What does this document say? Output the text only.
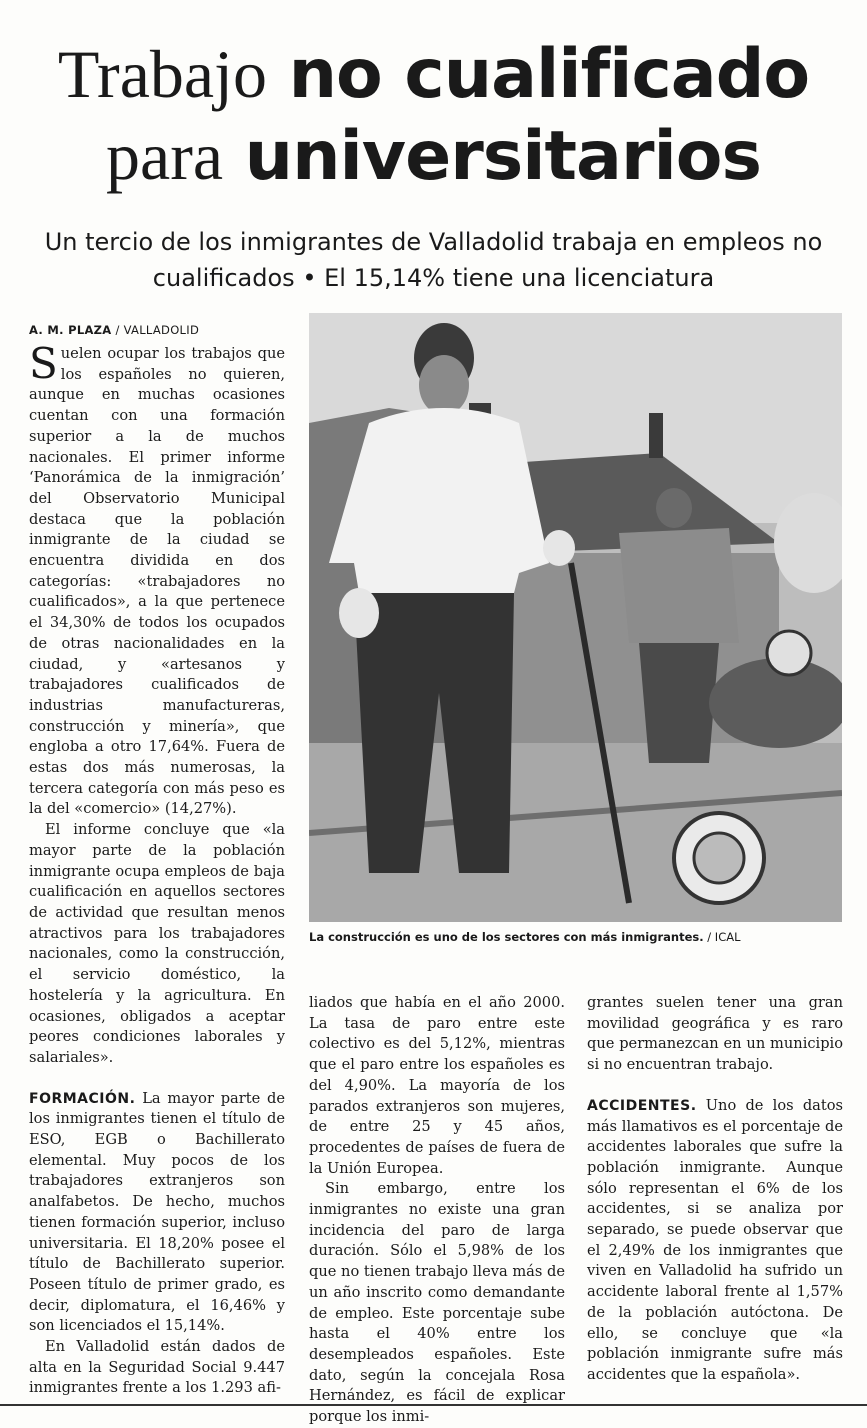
Trabajo no cualificado
para universitarios
Un tercio de los inmigrantes de Valladolid trabaja en empleos no cualificados • El 15,14% tiene una licenciatura
A. M. PLAZA / VALLADOLID

Suelen ocupar los trabajos que los españoles no quieren, aunque en muchas ocasiones cuentan con una formación superior a la de muchos nacionales. El primer informe ‘Panorámica de la inmigración’ del Observatorio Municipal destaca que la población inmigrante de la ciudad se encuentra dividida en dos categorías: «trabajadores no cualificados», a la que pertenece el 34,30% de todos los ocupados de otras nacionalidades en la ciudad, y «artesanos y trabajadores cualificados de industrias manufactureras, construcción y minería», que engloba a otro 17,64%. Fuera de estas dos más numerosas, la tercera categoría con más peso es la del «comercio» (14,27%).

El informe concluye que «la mayor parte de la población inmigrante ocupa empleos de baja cualificación en aquellos sectores de actividad que resultan menos atractivos para los trabajadores nacionales, como la construcción, el servicio doméstico, la hostelería y la agricultura. En ocasiones, obligados a aceptar peores condiciones laborales y salariales».

FORMACIÓN. La mayor parte de los inmigrantes tienen el título de ESO, EGB o Bachillerato elemental. Muy pocos de los trabajadores extranjeros son analfabetos. De hecho, muchos tienen formación superior, incluso universitaria. El 18,20% posee el título de Bachillerato superior. Poseen título de primer grado, es decir, diplomatura, el 16,46% y son licenciados el 15,14%.

En Valladolid están dados de alta en la Seguridad Social 9.447 inmigrantes frente a los 1.293 afi-

La construcción es uno de los sectores con más inmigrantes. / ICAL

liados que había en el año 2000. La tasa de paro entre este colectivo es del 5,12%, mientras que el paro entre los españoles es del 4,90%. La mayoría de los parados extranjeros son mujeres, de entre 25 y 45 años, procedentes de países de fuera de la Unión Europea.

Sin embargo, entre los inmigrantes no existe una gran incidencia del paro de larga duración. Sólo el 5,98% de los que no tienen trabajo lleva más de un año inscrito como demandante de empleo. Este porcentaje sube hasta el 40% entre los desempleados españoles. Este dato, según la concejala Rosa Hernández, es fácil de explicar porque los inmi-

grantes suelen tener una gran movilidad geográfica y es raro que permanezcan en un municipio si no encuentran trabajo.

ACCIDENTES. Uno de los datos más llamativos es el porcentaje de accidentes laborales que sufre la población inmigrante. Aunque sólo representan el 6% de los accidentes, si se analiza por separado, se puede observar que el 2,49% de los inmigrantes que viven en Valladolid ha sufrido un accidente laboral frente al 1,57% de la población autóctona. De ello, se concluye que «la población inmigrante sufre más accidentes que la española».
